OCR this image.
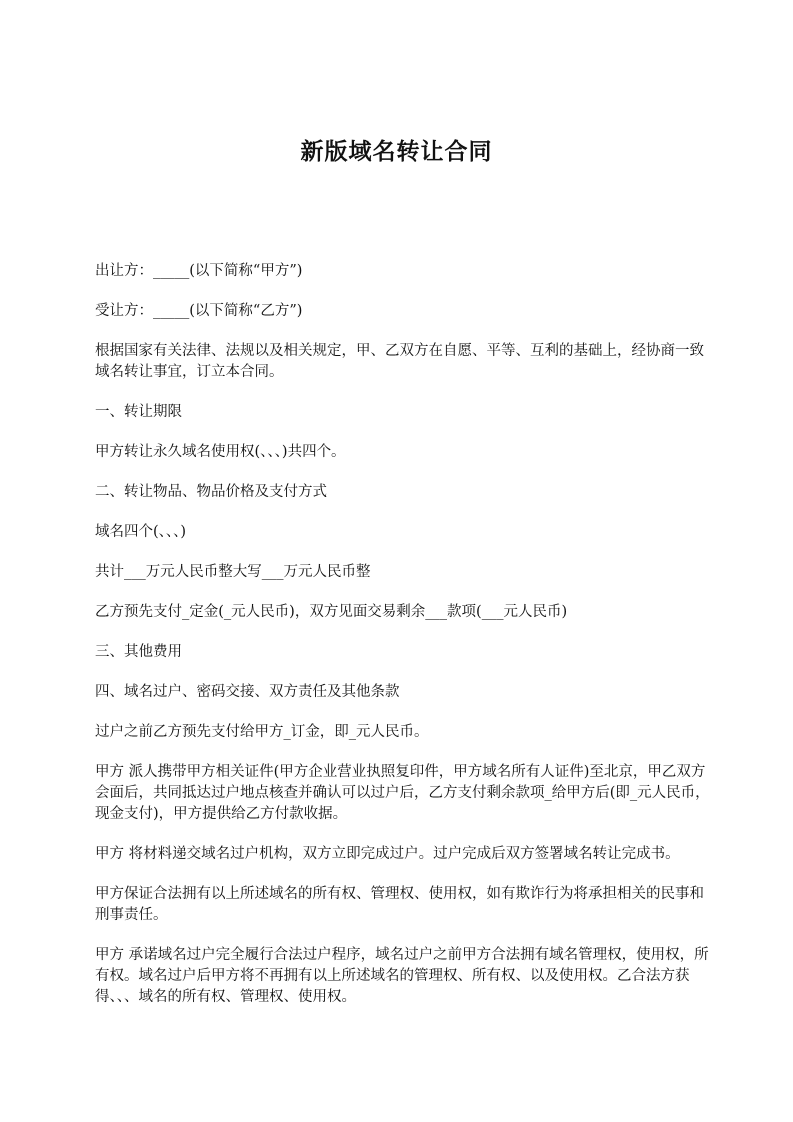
新版域名转让合同

出让方：_____(以下简称“甲方”)

受让方：_____(以下简称“乙方”)

根据国家有关法律、法规以及相关规定，甲、乙双方在自愿、平等、互利的基础上，经协商一致域名转让事宜，订立本合同。

一、转让期限

甲方转让永久域名使用权(、、、)共四个。

二、转让物品、物品价格及支付方式

域名四个(、、、)

共计___万元人民币整大写___万元人民币整

乙方预先支付_定金(_元人民币)，双方见面交易剩余___款项(___元人民币)

三、其他费用

四、域名过户、密码交接、双方责任及其他条款

过户之前乙方预先支付给甲方_订金，即_元人民币。

甲方 派人携带甲方相关证件(甲方企业营业执照复印件，甲方域名所有人证件)至北京，甲乙双方会面后，共同抵达过户地点核查并确认可以过户后，乙方支付剩余款项_给甲方后(即_元人民币，现金支付)，甲方提供给乙方付款收据。

甲方 将材料递交域名过户机构，双方立即完成过户。过户完成后双方签署域名转让完成书。

甲方保证合法拥有以上所述域名的所有权、管理权、使用权，如有欺诈行为将承担相关的民事和刑事责任。

甲方 承诺域名过户完全履行合法过户程序，域名过户之前甲方合法拥有域名管理权，使用权，所有权。域名过户后甲方将不再拥有以上所述域名的管理权、所有权、以及使用权。乙合法方获得、、、域名的所有权、管理权、使用权。
